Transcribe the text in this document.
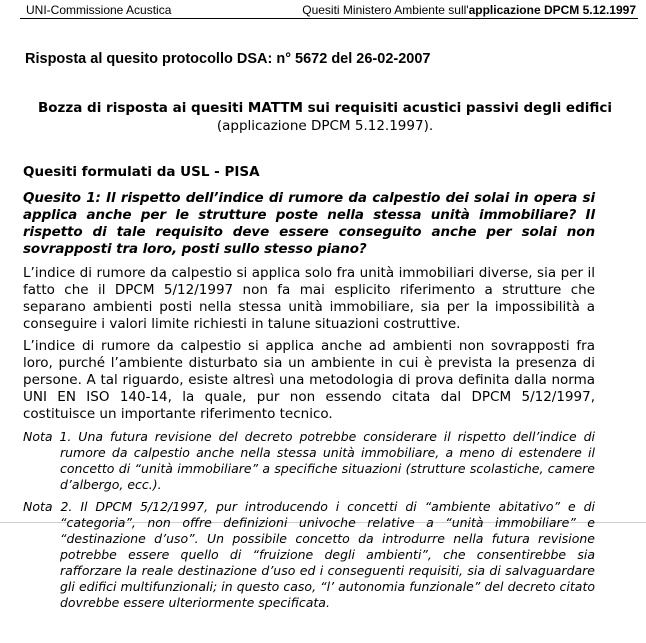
UNI-Commissione Acustica	Quesiti Ministero Ambiente sull'applicazione DPCM 5.12.1997
Risposta al quesito protocollo DSA: n° 5672 del 26-02-2007
Bozza di risposta ai quesiti MATTM sui requisiti acustici passivi degli edifici
(applicazione DPCM 5.12.1997).
Quesiti formulati da USL - PISA
Quesito 1: Il rispetto dell’indice di rumore da calpestio dei solai in opera si applica anche per le strutture poste nella stessa unità immobiliare? Il rispetto di tale requisito deve essere conseguito anche per solai non sovrapposti tra loro, posti sullo stesso piano?
L’indice di rumore da calpestio si applica solo fra unità immobiliari diverse, sia per il fatto che il DPCM 5/12/1997 non fa mai esplicito riferimento a strutture che separano ambienti posti nella stessa unità immobiliare, sia per la impossibilità a conseguire i valori limite richiesti in talune situazioni costruttive.
L’indice di rumore da calpestio si applica anche ad ambienti non sovrapposti fra loro, purché l’ambiente disturbato sia un ambiente in cui è prevista la presenza di persone. A tal riguardo, esiste altresì una metodologia di prova definita dalla norma UNI EN ISO 140-14, la quale, pur non essendo citata dal DPCM 5/12/1997, costituisce un importante riferimento tecnico.

Nota 1. Una futura revisione del decreto potrebbe considerare il rispetto dell’indice di rumore da calpestio anche nella stessa unità immobiliare, a meno di estendere il concetto di “unità immobiliare” a specifiche situazioni (strutture scolastiche, camere d’albergo, ecc.).

Nota 2. Il DPCM 5/12/1997, pur introducendo i concetti di “ambiente abitativo” e di “categoria”, non offre definizioni univoche relative a “unità immobiliare” e “destinazione d’uso”. Un possibile concetto da introdurre nella futura revisione potrebbe essere quello di “fruizione degli ambienti”, che consentirebbe sia rafforzare la reale destinazione d’uso ed i conseguenti requisiti, sia di salvaguardare gli edifici multifunzionali; in questo caso, “l’ autonomia funzionale” del decreto citato dovrebbe essere ulteriormente specificata.
